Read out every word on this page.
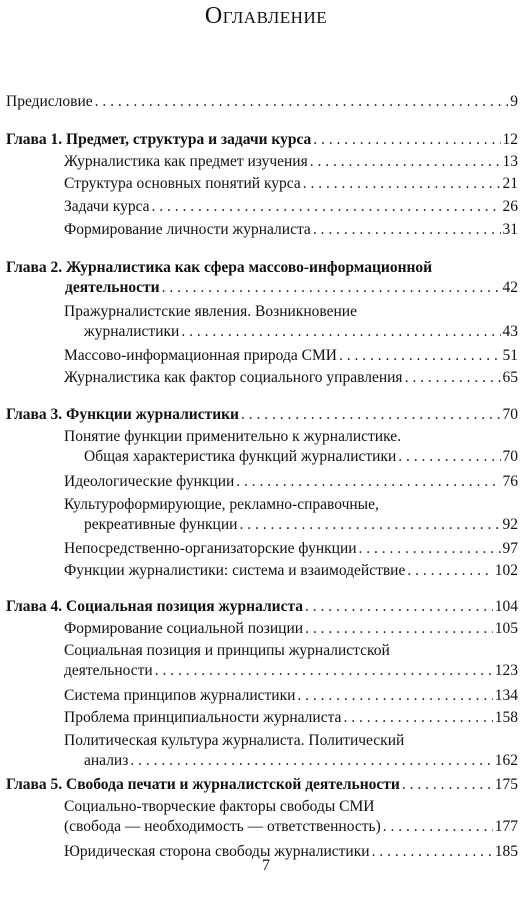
Оглавление
Предисловие . . .	9
Глава 1. Предмет, структура и задачи курса . . .	12
Журналистика как предмет изучения . . .	13
Структура основных понятий курса . . .	21
Задачи курса . . .	26
Формирование личности журналиста . . .	31
Глава 2. Журналистика как сфера массово-информационной
деятельности . . .	42
Пражурналистские явления. Возникновение
журналистики . . .	43
Массово-информационная природа СМИ . . .	51
Журналистика как фактор социального управления . . .	65
Глава 3. Функции журналистики . . .	70
Понятие функции применительно к журналистике.
Общая характеристика функций журналистики . . .	70
Идеологические функции . . .	76
Культуроформирующие, рекламно-справочные,
рекреативные функции . . .	92
Непосредственно-организаторские функции . . .	97
Функции журналистики: система и взаимодействие . . .	102
Глава 4. Социальная позиция журналиста . . .	104
Формирование социальной позиции . . .	105
Социальная позиция и принципы журналистской
деятельности . . .	123
Система принципов журналистики . . .	134
Проблема принципиальности журналиста . . .	158
Политическая культура журналиста. Политический
анализ . . .	162
Глава 5. Свобода печати и журналистской деятельности . . .	175
Социально-творческие факторы свободы СМИ
(свобода — необходимость — ответственность) . . .	177
Юридическая сторона свободы журналистики . . .	185
7
